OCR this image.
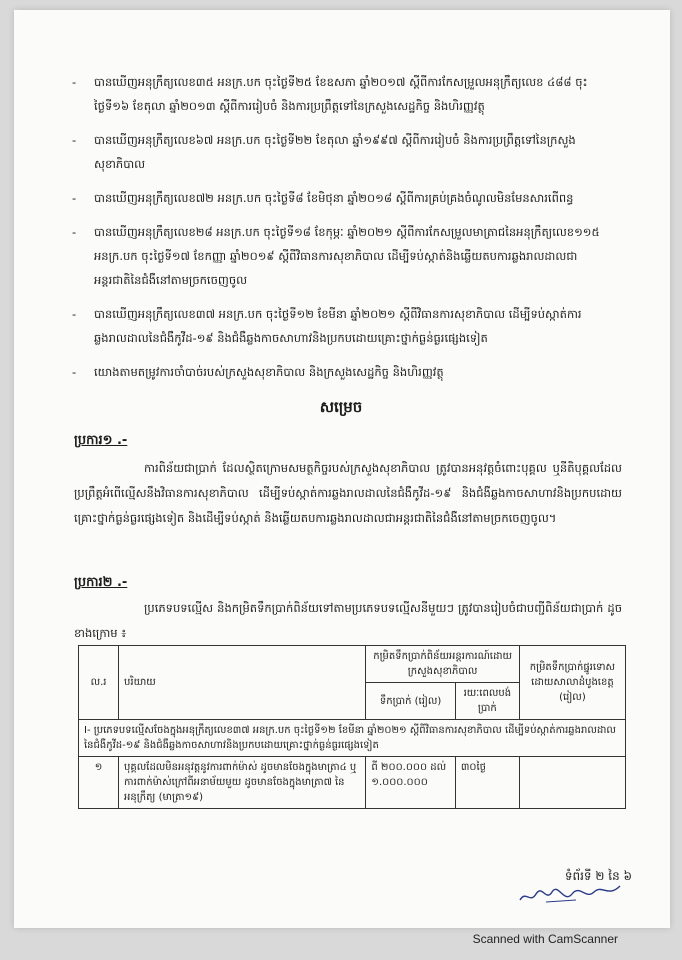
- បានឃើញអនុក្រឹត្យលេខ៣៥ អនក្រ.បក ចុះថ្ងៃទី២៥ ខែឧសភា ឆ្នាំ២០១៧ ស្តីពីការកែសម្រួលអនុក្រឹត្យលេខ ៤៨៨ ចុះថ្ងៃទី១៦ ខែតុលា ឆ្នាំ២០១៣ ស្តីពីការរៀបចំ និងការប្រព្រឹត្តទៅនៃក្រសួងសេដ្ឋកិច្ច និងហិរញ្ញវត្ថុ
- បានឃើញអនុក្រឹត្យលេខ៦៧ អនក្រ.បក ចុះថ្ងៃទី២២ ខែតុលា ឆ្នាំ១៩៩៧ ស្តីពីការរៀបចំ និងការប្រព្រឹត្តទៅនៃក្រសួងសុខាភិបាល
- បានឃើញអនុក្រឹត្យលេខ៧២ អនក្រ.បក ចុះថ្ងៃទី៨ ខែមិថុនា ឆ្នាំ២០១៨ ស្តីពីការគ្រប់គ្រងចំណូលមិនមែនសារពើពន្ធ
- បានឃើញអនុក្រឹត្យលេខ២៨ អនក្រ.បក ចុះថ្ងៃទី១៨ ខែកុម្ភៈ ឆ្នាំ២០២១ ស្តីពីការកែសម្រួលមាត្រាជនៃអនុក្រឹត្យលេខ១១៥ អនក្រ.បក ចុះថ្ងៃទី១៧ ខែកញ្ញា ឆ្នាំ២០១៩ ស្តីពីវិធានការសុខាភិបាល ដើម្បីទប់ស្កាត់និងឆ្លើយតបការឆ្លងរាលដាលជាអន្តរជាតិនៃជំងឺនៅតាមច្រកចេញចូល
- បានឃើញអនុក្រឹត្យលេខ៣៧ អនក្រ.បក ចុះថ្ងៃទី១២ ខែមីនា ឆ្នាំ២០២១ ស្តីពីវិធានការសុខាភិបាល ដើម្បីទប់ស្កាត់ការឆ្លងរាលដាលនៃជំងឺកូវីដ-១៩ និងជំងឺឆ្លងកាចសាហាវនិងប្រកបដោយគ្រោះថ្នាក់ធ្ងន់ធ្ងរផ្សេងទៀត
- យោងតាមតម្រូវការចាំបាច់របស់ក្រសួងសុខាភិបាល និងក្រសួងសេដ្ឋកិច្ច និងហិរញ្ញវត្ថុ
សម្រេច
ប្រការ១ .-
ការពិន័យជាប្រាក់ ដែលស្ថិតក្រោមសមត្ថកិច្ចរបស់ក្រសួងសុខាភិបាល ត្រូវបានអនុវត្តចំពោះបុគ្គល ឬនីតិបុគ្គលដែលប្រព្រឹត្តអំពើល្មើសនឹងវិធានការសុខាភិបាល ដើម្បីទប់ស្កាត់ការឆ្លងរាលដាលនៃជំងឺកូវីដ-១៩ និងជំងឺឆ្លងកាចសាហាវនិងប្រកបដោយគ្រោះថ្នាក់ធ្ងន់ធ្ងរផ្សេងទៀត និងដើម្បីទប់ស្កាត់ និងឆ្លើយតបការឆ្លងរាលដាលជាអន្តរជាតិនៃជំងឺនៅតាមច្រកចេញចូល។
ប្រការ២ .-
ប្រភេទបទល្មើស និងកម្រិតទឹកប្រាក់ពិន័យទៅតាមប្រភេទបទល្មើសនីមួយៗ ត្រូវបានរៀបចំជាបញ្ជីពិន័យជាប្រាក់ ដូចខាងក្រោម ៖
ល.រ	បរិយាយ	កម្រិតទឹកប្រាក់ពិន័យអន្តរការណ៍ដោយក្រសួងសុខាភិបាល		កម្រិតទឹកប្រាក់ផ្នូរទោស ដោយសាលាដំបូងខេត្ត (រៀល)
		ទឹកប្រាក់ (រៀល)	រយៈពេលបង់ប្រាក់	
I- ប្រភេទបទល្មើសចែងក្នុងអនុក្រឹត្យលេខ៣៧ អនក្រ.បក ចុះថ្ងៃទី១២ ខែមីនា ឆ្នាំ២០២១ ស្តីពីវិធានការសុខាភិបាល ដើម្បីទប់ស្កាត់ការឆ្លងរាលដាលនៃជំងឺកូវីដ-១៩ និងជំងឺឆ្លងកាចសាហាវនិងប្រកបដោយគ្រោះថ្នាក់ធ្ងន់ធ្ងរផ្សេងទៀត				
១	បុគ្គលដែលមិនអនុវត្តនូវការពាក់ម៉ាស់ ដូចមានចែងក្នុងមាត្រា៤ ឬការពាក់ម៉ាស់ក្រៅពីអនាម័យមួយ ដូចមានចែងក្នុងមាត្រា៧ នៃអនុក្រឹត្យ (មាត្រា១៩)	ពី ២០០.០០០ ដល់ ១.០០០.០០០	៣០ថ្ងៃ	
ទំព័រទី ២ នៃ ៦
Scanned with CamScanner
